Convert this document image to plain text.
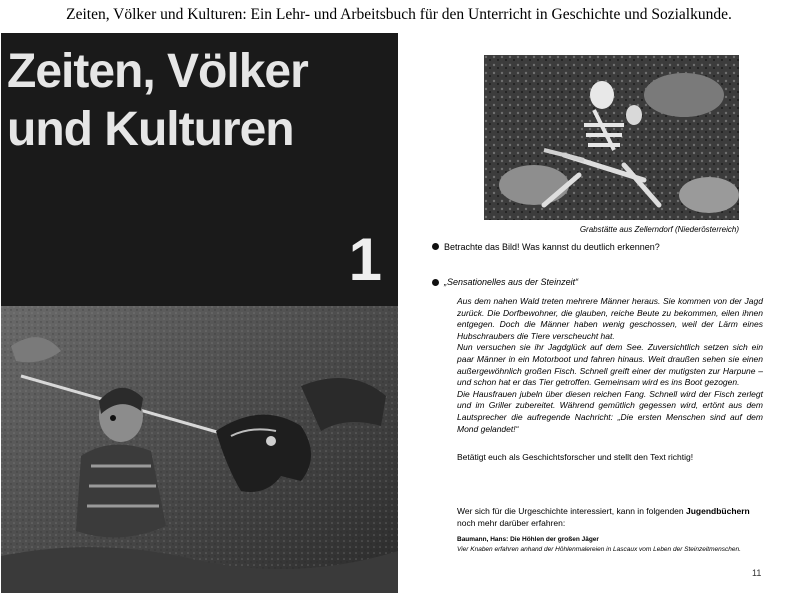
Zeiten, Völker und Kulturen: Ein Lehr- und Arbeitsbuch für den Unterricht in Geschichte und Sozialkunde.
Zeiten, Völker
und Kulturen
1	Grabstätte aus Zellerndorf (Niederösterreich)
Betrachte das Bild! Was kannst du deutlich erkennen?
„Sensationelles aus der Steinzeit“

Aus dem nahen Wald treten mehrere Männer heraus. Sie kommen von der Jagd zurück. Die Dorfbewohner, die glauben, reiche Beute zu bekommen, eilen ihnen entgegen. Doch die Männer haben wenig geschossen, weil der Lärm eines Hubschraubers die Tiere verscheucht hat.

Nun versuchen sie ihr Jagdglück auf dem See. Zuversichtlich setzen sich ein paar Männer in ein Motorboot und fahren hinaus. Weit draußen sehen sie einen außergewöhnlich großen Fisch. Schnell greift einer der mutigsten zur Harpune – und schon hat er das Tier getroffen. Gemeinsam wird es ins Boot gezogen.

Die Hausfrauen jubeln über diesen reichen Fang. Schnell wird der Fisch zerlegt und im Griller zubereitet. Während gemütlich gegessen wird, ertönt aus dem Lautsprecher die aufregende Nachricht: „Die ersten Menschen sind auf dem Mond gelandet!“

Betätigt euch als Geschichtsforscher und stellt den Text richtig!
Wer sich für die Urgeschichte interessiert, kann in folgenden Jugendbüchern noch mehr darüber erfahren:
Baumann, Hans: Die Höhlen der großen Jäger
Vier Knaben erfahren anhand der Höhlenmalereien in Lascaux vom Leben der Steinzeitmenschen.
11
